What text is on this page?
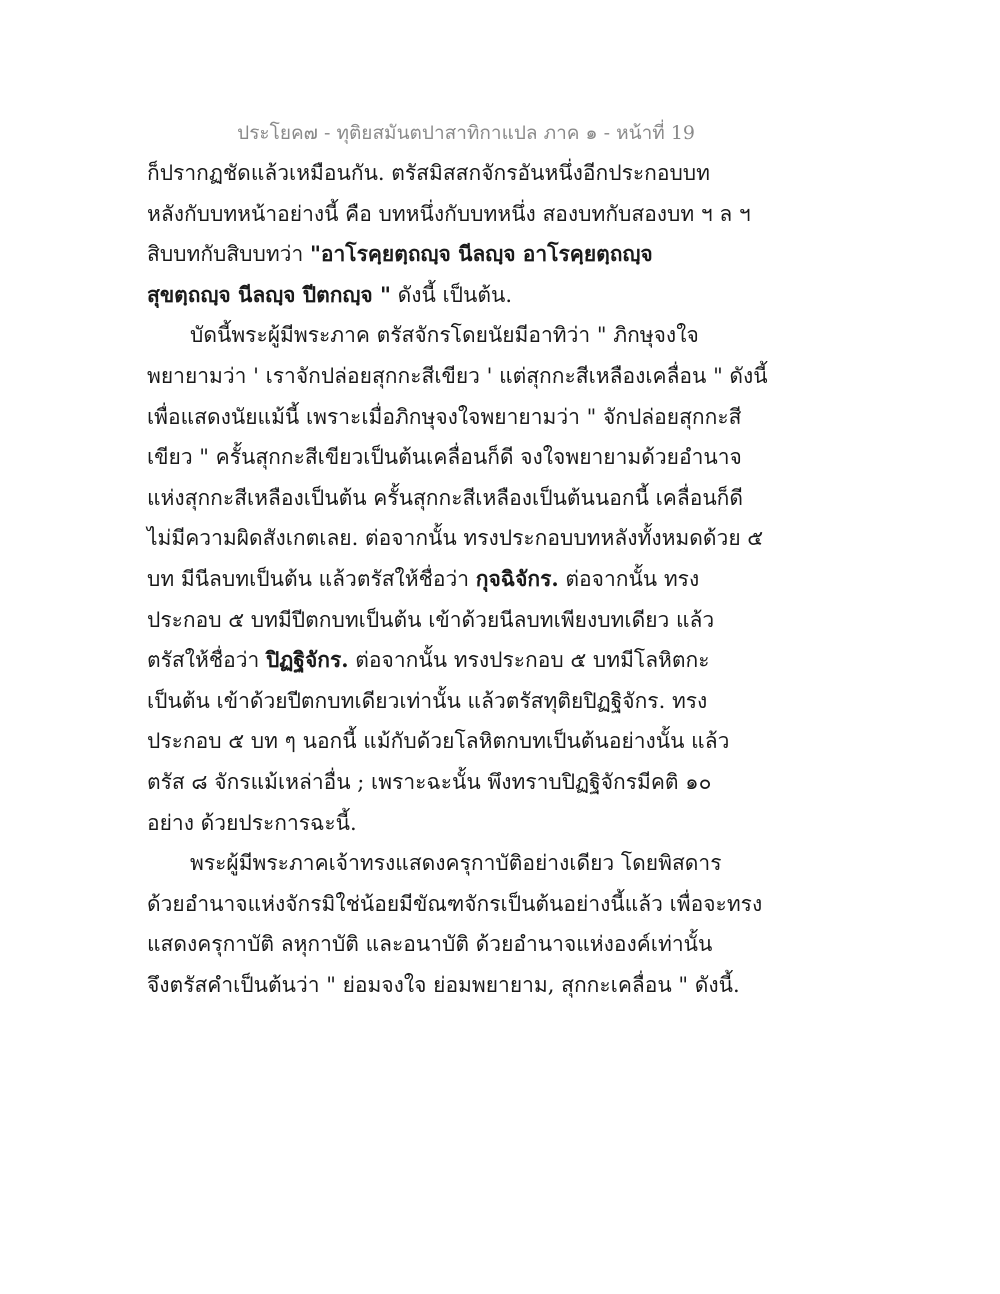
ประโยค๗ - ทุติยสมันตปาสาทิกาแปล ภาค ๑ - หน้าที่ 19
ก็ปรากฏชัดแล้วเหมือนกัน. ตรัสมิสสกจักรอันหนึ่งอีกประกอบบท
หลังกับบทหน้าอย่างนี้ คือ บทหนึ่งกับบทหนึ่ง สองบทกับสองบท ฯ ล ฯ
สิบบทกับสิบบทว่า "อาโรคฺยตฺถญฺจ นีลญฺจ อาโรคฺยตฺถญฺจ
สุขตฺถญฺจ นีลญฺจ ปีตกญฺจ " ดังนี้ เป็นต้น.
บัดนี้พระผู้มีพระภาค ตรัสจักรโดยนัยมีอาทิว่า " ภิกษุจงใจ
พยายามว่า ' เราจักปล่อยสุกกะสีเขียว ' แต่สุกกะสีเหลืองเคลื่อน " ดังนี้
เพื่อแสดงนัยแม้นี้ เพราะเมื่อภิกษุจงใจพยายามว่า " จักปล่อยสุกกะสี
เขียว " ครั้นสุกกะสีเขียวเป็นต้นเคลื่อนก็ดี จงใจพยายามด้วยอำนาจ
แห่งสุกกะสีเหลืองเป็นต้น ครั้นสุกกะสีเหลืองเป็นต้นนอกนี้ เคลื่อนก็ดี
ไม่มีความผิดสังเกตเลย. ต่อจากนั้น ทรงประกอบบทหลังทั้งหมดด้วย ๕
บท มีนีลบทเป็นต้น แล้วตรัสให้ชื่อว่า กุจฉิจักร. ต่อจากนั้น ทรง
ประกอบ ๕ บทมีปีตกบทเป็นต้น เข้าด้วยนีลบทเพียงบทเดียว แล้ว
ตรัสให้ชื่อว่า ปิฏฐิจักร. ต่อจากนั้น ทรงประกอบ ๕ บทมีโลหิตกะ
เป็นต้น เข้าด้วยปีตกบทเดียวเท่านั้น แล้วตรัสทุติยปิฏฐิจักร. ทรง
ประกอบ ๕ บท ๆ นอกนี้ แม้กับด้วยโลหิตกบทเป็นต้นอย่างนั้น แล้ว
ตรัส ๘ จักรแม้เหล่าอื่น ; เพราะฉะนั้น พึงทราบปิฏฐิจักรมีคติ ๑๐
อย่าง ด้วยประการฉะนี้.
พระผู้มีพระภาคเจ้าทรงแสดงครุกาบัติอย่างเดียว โดยพิสดาร
ด้วยอำนาจแห่งจักรมิใช่น้อยมีขัณฑจักรเป็นต้นอย่างนี้แล้ว เพื่อจะทรง
แสดงครุกาบัติ ลหุกาบัติ และอนาบัติ ด้วยอำนาจแห่งองค์เท่านั้น
จึงตรัสคำเป็นต้นว่า " ย่อมจงใจ ย่อมพยายาม, สุกกะเคลื่อน " ดังนี้.
